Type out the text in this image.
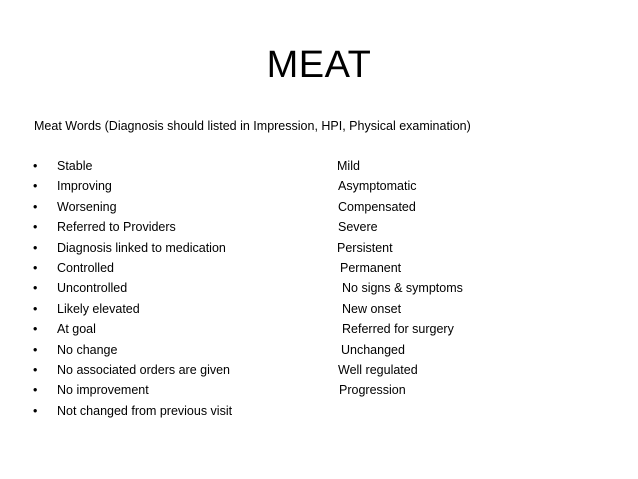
MEAT
Meat Words (Diagnosis should listed in Impression, HPI, Physical examination)
• Stable	Mild
• Improving	Asymptomatic
• Worsening	Compensated
• Referred to Providers	Severe
• Diagnosis linked to medication	Persistent
• Controlled	Permanent
• Uncontrolled	No signs & symptoms
• Likely elevated	New onset
• At goal	Referred for surgery
• No change	Unchanged
• No associated orders are given	Well regulated
• No improvement	Progression
• Not changed from previous visit
